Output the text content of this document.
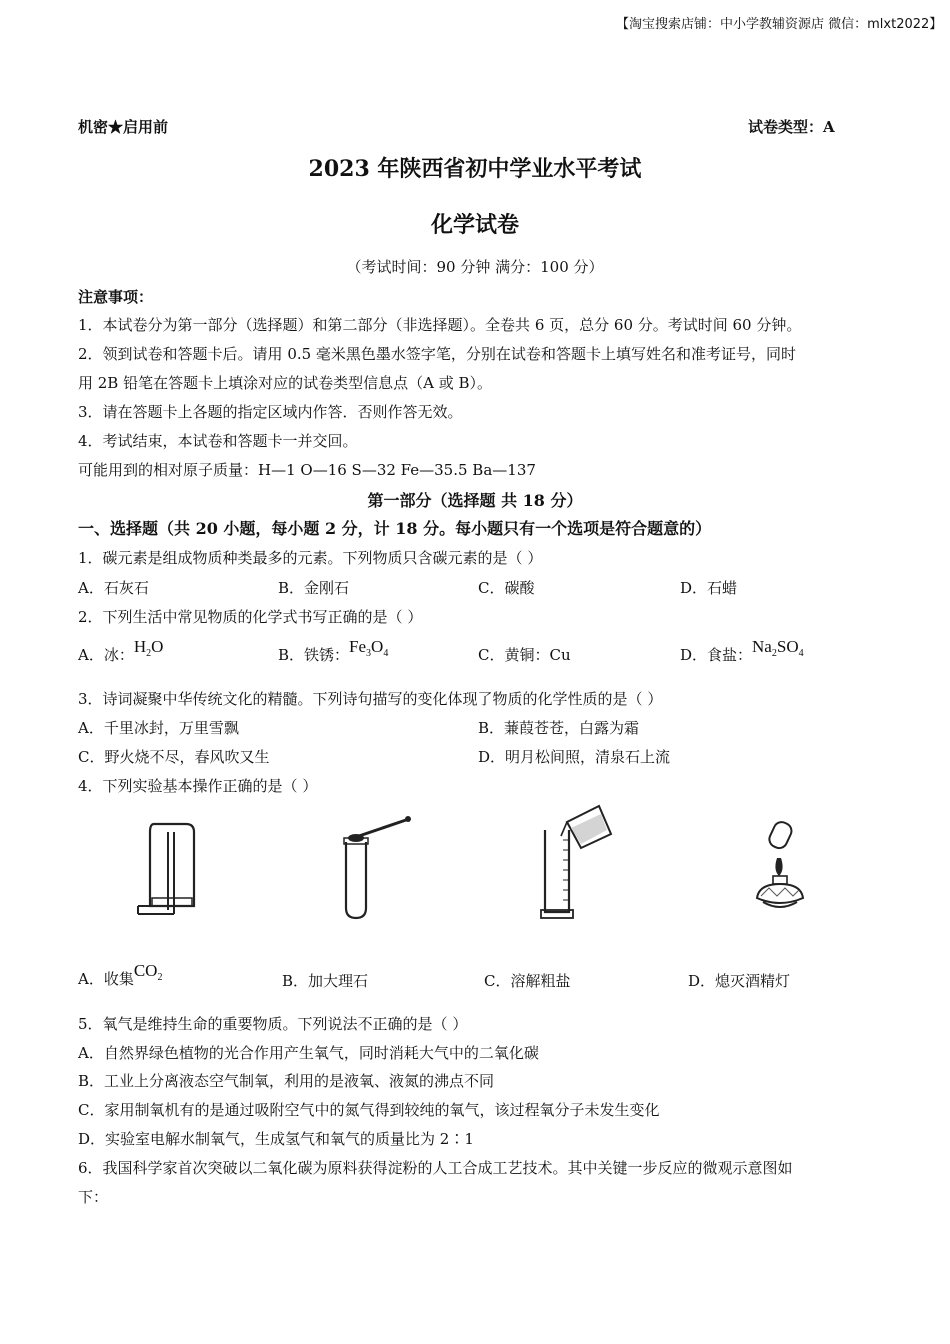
【淘宝搜索店铺：中小学教辅资源店 微信：mlxt2022】
机密★启用前	试卷类型：A
2023 年陕西省初中学业水平考试
化学试卷
（考试时间：90 分钟 满分：100 分）
注意事项：
1．本试卷分为第一部分（选择题）和第二部分（非选择题）。全卷共 6 页，总分 60 分。考试时间 60 分钟。
2．领到试卷和答题卡后。请用 0.5 毫米黑色墨水签字笔，分别在试卷和答题卡上填写姓名和准考证号，同时
用 2B 铅笔在答题卡上填涂对应的试卷类型信息点（A 或 B）。
3．请在答题卡上各题的指定区域内作答．否则作答无效。
4．考试结束，本试卷和答题卡一并交回。
可能用到的相对原子质量：H—1 O—16 S—32 Fe—35.5 Ba—137
第一部分（选择题 共 18 分）
一、选择题（共 20 小题，每小题 2 分，计 18 分。每小题只有一个选项是符合题意的）
1．碳元素是组成物质种类最多的元素。下列物质只含碳元素的是（ ）
A．石灰石	B．金刚石	C．碳酸	D．石蜡
2．下列生活中常见物质的化学式书写正确的是（ ）
A．冰：$H_2O$	B．铁锈：$Fe_3O_4$	C．黄铜：Cu	D．食盐：$Na_2SO_4$
3．诗词凝聚中华传统文化的精髓。下列诗句描写的变化体现了物质的化学性质的是（ ）
A．千里冰封，万里雪飘	B．蒹葭苍苍，白露为霜
C．野火烧不尽，春风吹又生	D．明月松间照，清泉石上流
4．下列实验基本操作正确的是（ ）
A．收集$CO_2$	B．加大理石	C．溶解粗盐	D．熄灭酒精灯
5．氧气是维持生命的重要物质。下列说法不正确的是（ ）
A．自然界绿色植物的光合作用产生氧气，同时消耗大气中的二氧化碳
B．工业上分离液态空气制氧，利用的是液氧、液氮的沸点不同
C．家用制氧机有的是通过吸附空气中的氮气得到较纯的氧气，该过程氧分子未发生变化
D．实验室电解水制氧气，生成氢气和氧气的质量比为 2∶1
6．我国科学家首次突破以二氧化碳为原料获得淀粉的人工合成工艺技术。其中关键一步反应的微观示意图如
下：
